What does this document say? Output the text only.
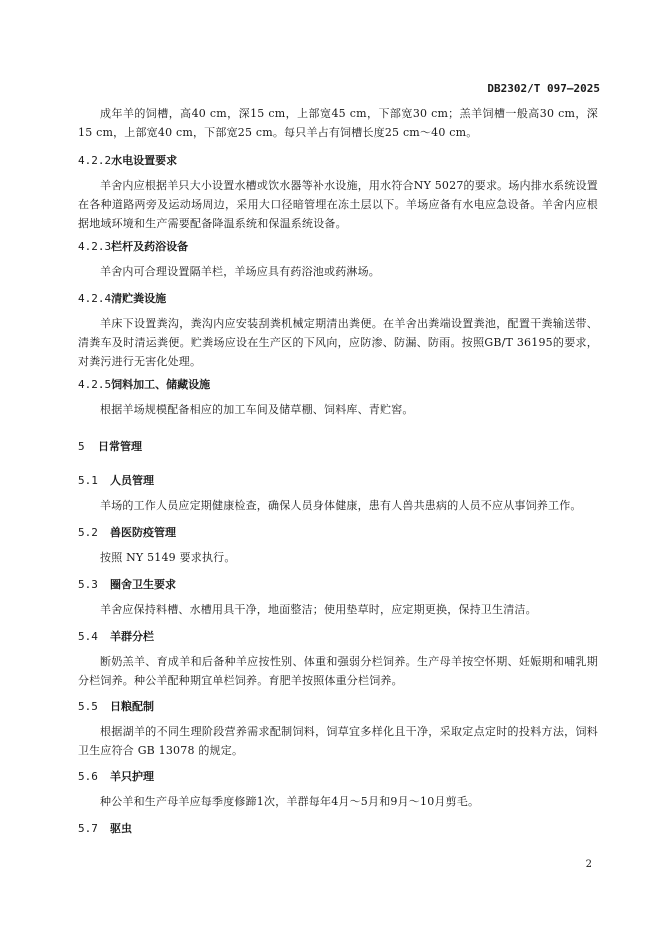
DB2302/T 097—2025
成年羊的饲槽，高40 cm，深15 cm，上部宽45 cm，下部宽30 cm；羔羊饲槽一般高30 cm，深15 cm，上部宽40 cm，下部宽25 cm。每只羊占有饲槽长度25 cm～40 cm。
4.2.2水电设置要求
羊舍内应根据羊只大小设置水槽或饮水器等补水设施，用水符合NY 5027的要求。场内排水系统设置在各种道路两旁及运动场周边，采用大口径暗管埋在冻土层以下。羊场应备有水电应急设备。羊舍内应根据地域环境和生产需要配备降温系统和保温系统设备。
4.2.3栏杆及药浴设备
羊舍内可合理设置隔羊栏，羊场应具有药浴池或药淋场。
4.2.4清贮粪设施
羊床下设置粪沟，粪沟内应安装刮粪机械定期清出粪便。在羊舍出粪端设置粪池，配置干粪输送带、清粪车及时清运粪便。贮粪场应设在生产区的下风向，应防渗、防漏、防雨。按照GB/T 36195的要求，对粪污进行无害化处理。
4.2.5饲料加工、储藏设施
根据羊场规模配备相应的加工车间及储草棚、饲料库、青贮窖。
5 日常管理
5.1 人员管理
羊场的工作人员应定期健康检查，确保人员身体健康，患有人兽共患病的人员不应从事饲养工作。
5.2 兽医防疫管理
按照 NY 5149 要求执行。
5.3 圈舍卫生要求
羊舍应保持料槽、水槽用具干净，地面整洁；使用垫草时，应定期更换，保持卫生清洁。
5.4 羊群分栏
断奶羔羊、育成羊和后备种羊应按性别、体重和强弱分栏饲养。生产母羊按空怀期、妊娠期和哺乳期分栏饲养。种公羊配种期宜单栏饲养。育肥羊按照体重分栏饲养。
5.5 日粮配制
根据湖羊的不同生理阶段营养需求配制饲料，饲草宜多样化且干净，采取定点定时的投料方法，饲料卫生应符合 GB 13078 的规定。
5.6 羊只护理
种公羊和生产母羊应每季度修蹄1次，羊群每年4月～5月和9月～10月剪毛。
5.7 驱虫
2
